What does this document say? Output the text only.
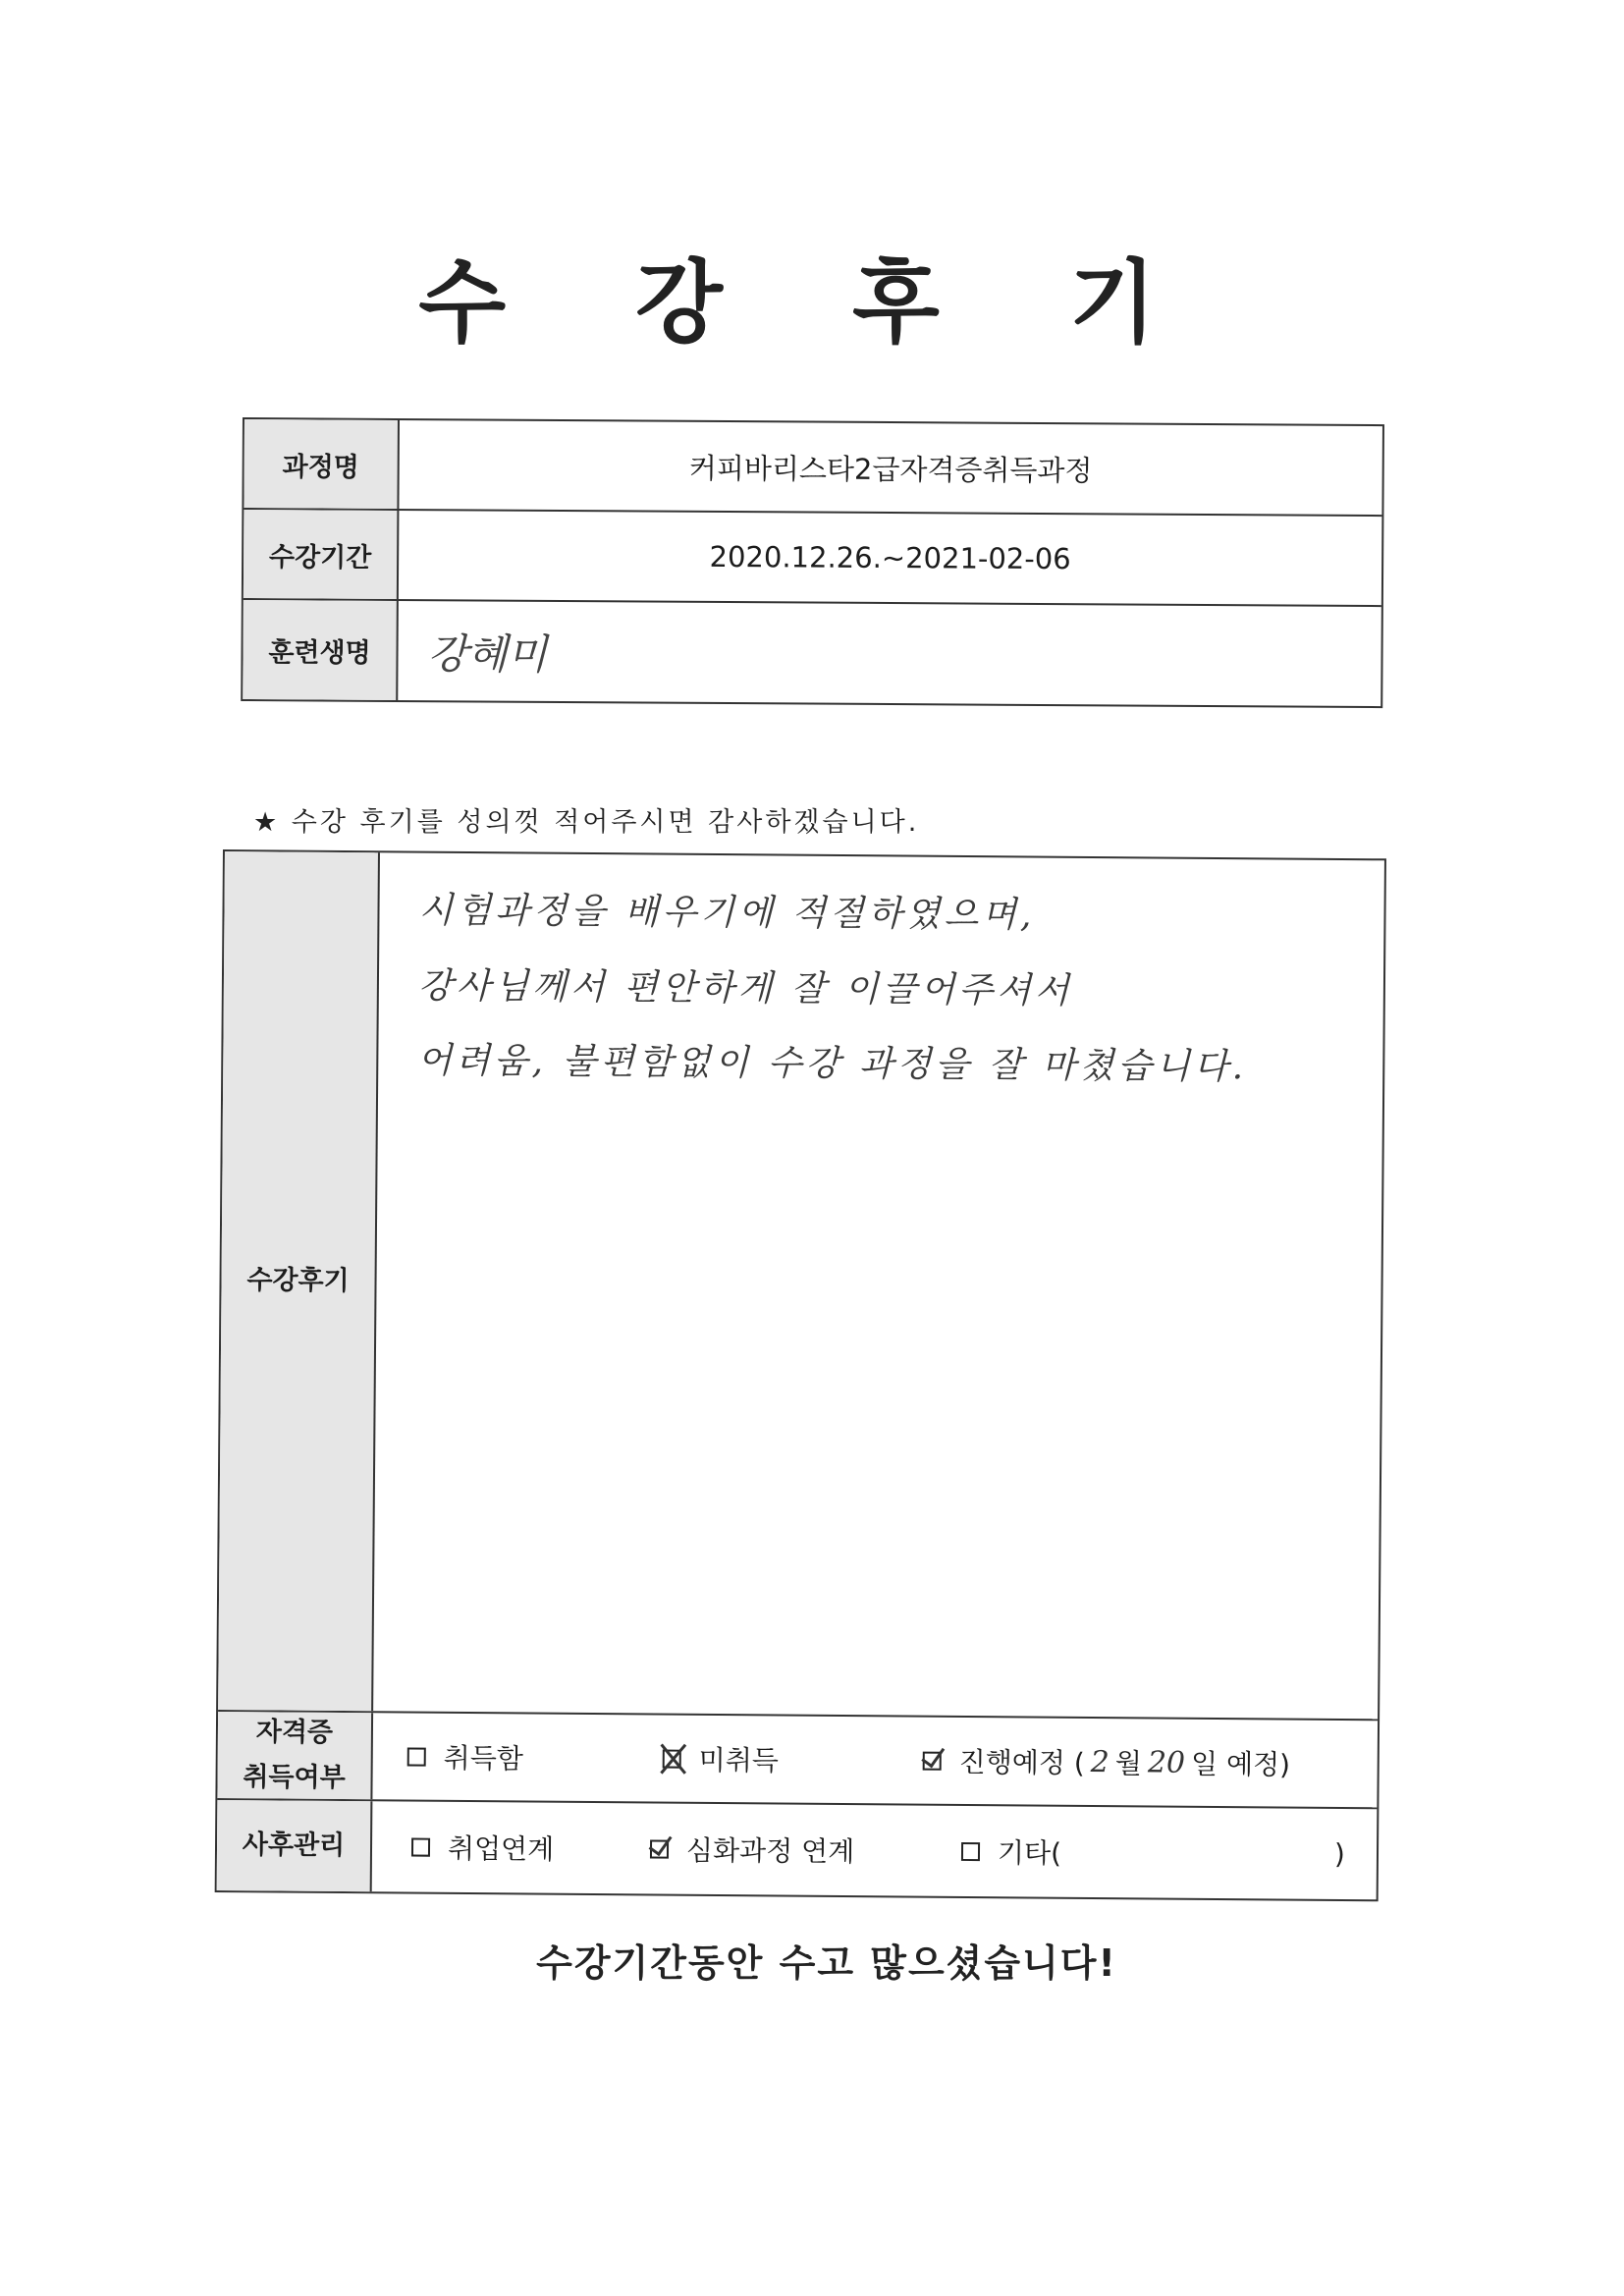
수 강 후 기
과정명	커피바리스타2급자격증취득과정
수강기간	2020.12.26.~2021-02-06
훈련생명	강혜미
★ 수강 후기를 성의껏 적어주시면 감사하겠습니다.
수강후기
시험과정을 배우기에 적절하였으며,
강사님께서 편안하게 잘 이끌어주셔서
어려움, 불편함없이 수강 과정을 잘 마쳤습니다.
자격증
취득여부
취득함	미취득	진행예정 ( 2 월 20 일 예정)
사후관리	취업연계	심화과정 연계	기타(	)
수강기간동안 수고 많으셨습니다!
